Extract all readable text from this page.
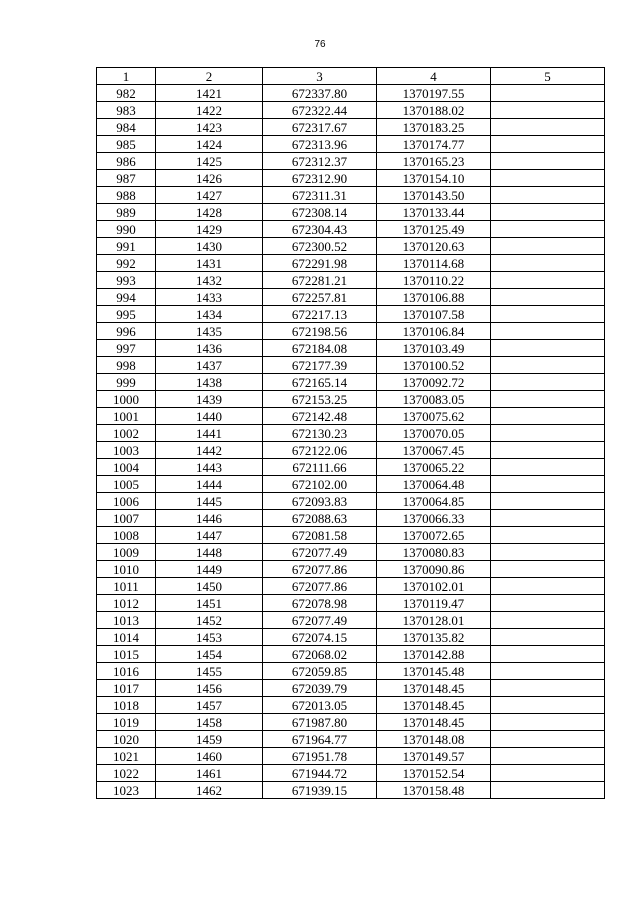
76
1	2	3	4	5
982	1421	672337.80	1370197.55	
983	1422	672322.44	1370188.02	
984	1423	672317.67	1370183.25	
985	1424	672313.96	1370174.77	
986	1425	672312.37	1370165.23	
987	1426	672312.90	1370154.10	
988	1427	672311.31	1370143.50	
989	1428	672308.14	1370133.44	
990	1429	672304.43	1370125.49	
991	1430	672300.52	1370120.63	
992	1431	672291.98	1370114.68	
993	1432	672281.21	1370110.22	
994	1433	672257.81	1370106.88	
995	1434	672217.13	1370107.58	
996	1435	672198.56	1370106.84	
997	1436	672184.08	1370103.49	
998	1437	672177.39	1370100.52	
999	1438	672165.14	1370092.72	
1000	1439	672153.25	1370083.05	
1001	1440	672142.48	1370075.62	
1002	1441	672130.23	1370070.05	
1003	1442	672122.06	1370067.45	
1004	1443	672111.66	1370065.22	
1005	1444	672102.00	1370064.48	
1006	1445	672093.83	1370064.85	
1007	1446	672088.63	1370066.33	
1008	1447	672081.58	1370072.65	
1009	1448	672077.49	1370080.83	
1010	1449	672077.86	1370090.86	
1011	1450	672077.86	1370102.01	
1012	1451	672078.98	1370119.47	
1013	1452	672077.49	1370128.01	
1014	1453	672074.15	1370135.82	
1015	1454	672068.02	1370142.88	
1016	1455	672059.85	1370145.48	
1017	1456	672039.79	1370148.45	
1018	1457	672013.05	1370148.45	
1019	1458	671987.80	1370148.45	
1020	1459	671964.77	1370148.08	
1021	1460	671951.78	1370149.57	
1022	1461	671944.72	1370152.54	
1023	1462	671939.15	1370158.48	
